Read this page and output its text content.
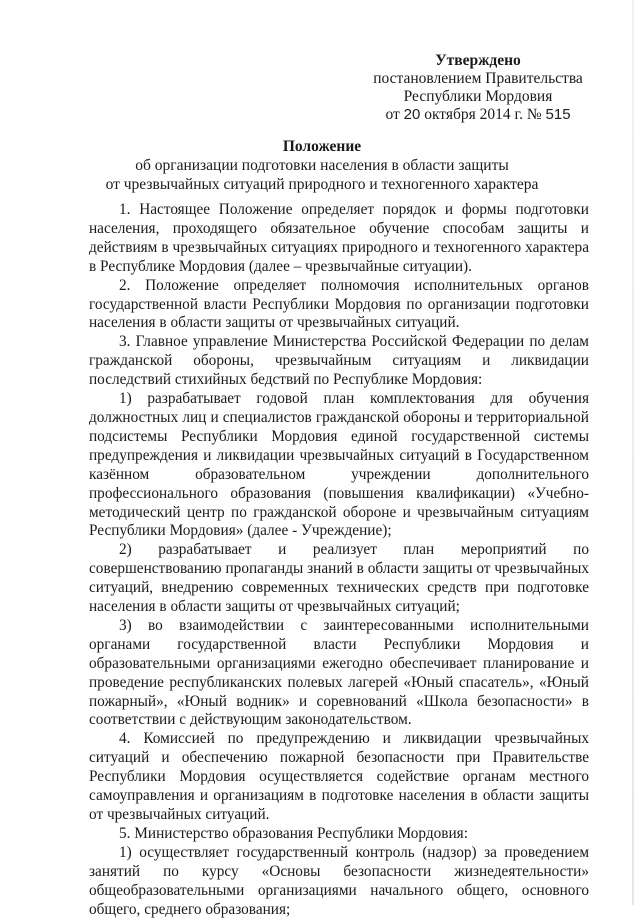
Утверждено
постановлением Правительства
Республики Мордовия
от 20 октября 2014 г. № 515
Положение
об организации подготовки населения в области защиты
от чрезвычайных ситуаций природного и техногенного характера

1. Настоящее Положение определяет порядок и формы подготовки населения, проходящего обязательное обучение способам защиты и действиям в чрезвычайных ситуациях природного и техногенного характера в Республике Мордовия (далее – чрезвычайные ситуации).

2. Положение определяет полномочия исполнительных органов государственной власти Республики Мордовия по организации подготовки населения в области защиты от чрезвычайных ситуаций.

3. Главное управление Министерства Российской Федерации по делам гражданской обороны, чрезвычайным ситуациям и ликвидации последствий стихийных бедствий по Республике Мордовия:

1) разрабатывает годовой план комплектования для обучения должностных лиц и специалистов гражданской обороны и территориальной подсистемы Республики Мордовия единой государственной системы предупреждения и ликвидации чрезвычайных ситуаций в Государственном казённом образовательном учреждении дополнительного профессионального образования (повышения квалификации) «Учебно-методический центр по гражданской обороне и чрезвычайным ситуациям Республики Мордовия» (далее - Учреждение);

2) разрабатывает и реализует план мероприятий по совершенствованию пропаганды знаний в области защиты от чрезвычайных ситуаций, внедрению современных технических средств при подготовке населения в области защиты от чрезвычайных ситуаций;

3) во взаимодействии с заинтересованными исполнительными органами государственной власти Республики Мордовия и образовательными организациями ежегодно обеспечивает планирование и проведение республиканских полевых лагерей «Юный спасатель», «Юный пожарный», «Юный водник» и соревнований «Школа безопасности» в соответствии с действующим законодательством.

4. Комиссией по предупреждению и ликвидации чрезвычайных ситуаций и обеспечению пожарной безопасности при Правительстве Республики Мордовия осуществляется содействие органам местного самоуправления и организациям в подготовке населения в области защиты от чрезвычайных ситуаций.

5. Министерство образования Республики Мордовия:

1) осуществляет государственный контроль (надзор) за проведением занятий по курсу «Основы безопасности жизнедеятельности» общеобразовательными организациями начального общего, основного общего, среднего образования;
